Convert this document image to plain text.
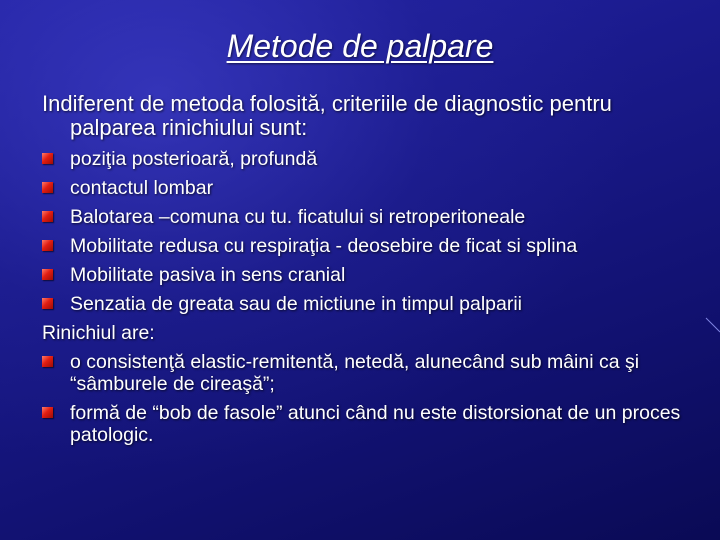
Metode de palpare
Indiferent de metoda folosită, criteriile de diagnostic pentru palparea rinichiului sunt:
poziţia posterioară, profundă
contactul lombar
Balotarea –comuna cu tu. ficatului si retroperitoneale
Mobilitate redusa cu respiraţia - deosebire de ficat si splina
Mobilitate pasiva in sens cranial
Senzatia de greata sau de mictiune in timpul palparii
Rinichiul are:
o consistenţă elastic-remitentă, netedă, alunecând sub mâini ca şi “sâmburele de cireaşă”;
formă de “bob de fasole” atunci când nu este distorsionat de un proces patologic.
